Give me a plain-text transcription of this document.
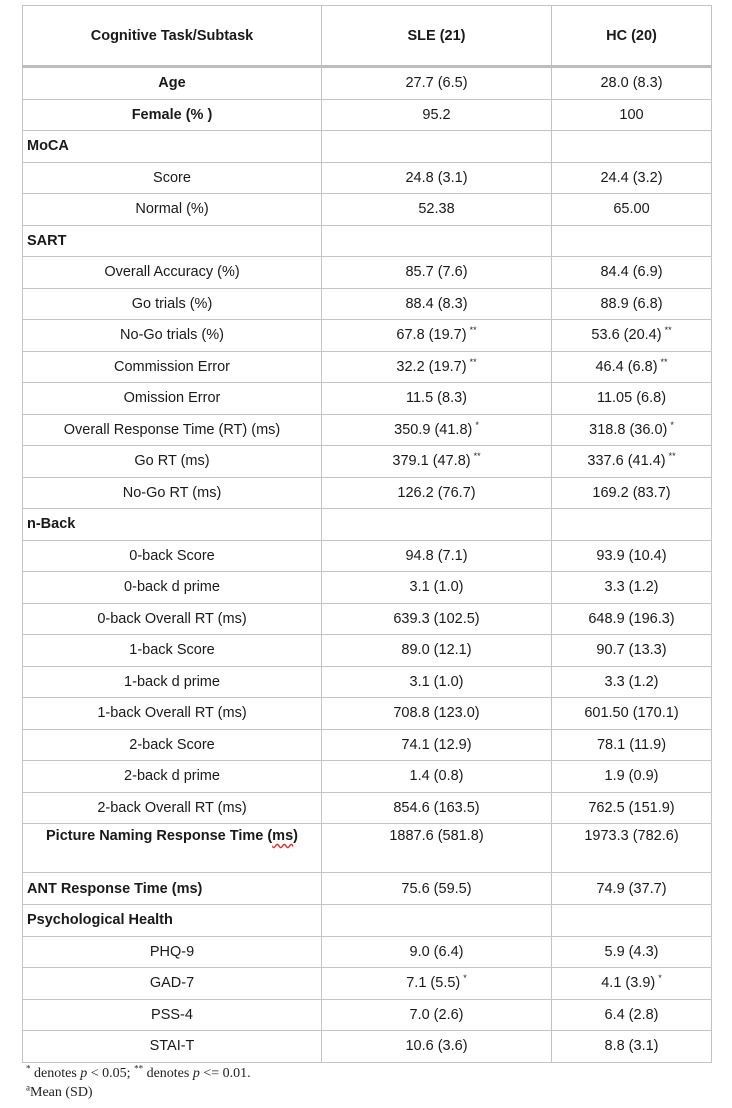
Cognitive Task/Subtask	SLE (21)	HC (20)
Age	27.7 (6.5)	28.0 (8.3)
Female (% )	95.2	100
MoCA		
Score	24.8 (3.1)	24.4 (3.2)
Normal (%)	52.38	65.00
SART		
Overall Accuracy (%)	85.7 (7.6)	84.4 (6.9)
Go trials (%)	88.4 (8.3)	88.9 (6.8)
No-Go trials (%)	67.8 (19.7) **	53.6 (20.4) **
Commission Error	32.2 (19.7) **	46.4 (6.8) **
Omission Error	11.5 (8.3)	11.05 (6.8)
Overall Response Time (RT) (ms)	350.9 (41.8) *	318.8 (36.0) *
Go RT (ms)	379.1 (47.8) **	337.6 (41.4) **
No-Go RT (ms)	126.2 (76.7)	169.2 (83.7)
n-Back		
0-back Score	94.8 (7.1)	93.9 (10.4)
0-back d prime	3.1 (1.0)	3.3 (1.2)
0-back Overall RT (ms)	639.3 (102.5)	648.9 (196.3)
1-back Score	89.0 (12.1)	90.7 (13.3)
1-back d prime	3.1 (1.0)	3.3 (1.2)
1-back Overall RT (ms)	708.8 (123.0)	601.50 (170.1)
2-back Score	74.1 (12.9)	78.1 (11.9)
2-back d prime	1.4 (0.8)	1.9 (0.9)
2-back Overall RT (ms)	854.6 (163.5)	762.5 (151.9)
Picture Naming Response Time (ms)	1887.6 (581.8)	1973.3 (782.6)
ANT Response Time (ms)	75.6 (59.5)	74.9 (37.7)
Psychological Health		
PHQ-9	9.0 (6.4)	5.9 (4.3)
GAD-7	7.1 (5.5) *	4.1 (3.9) *
PSS-4	7.0 (2.6)	6.4 (2.8)
STAI-T	10.6 (3.6)	8.8 (3.1)
* denotes p < 0.05; ** denotes p <= 0.01.
$^a$Mean (SD)
